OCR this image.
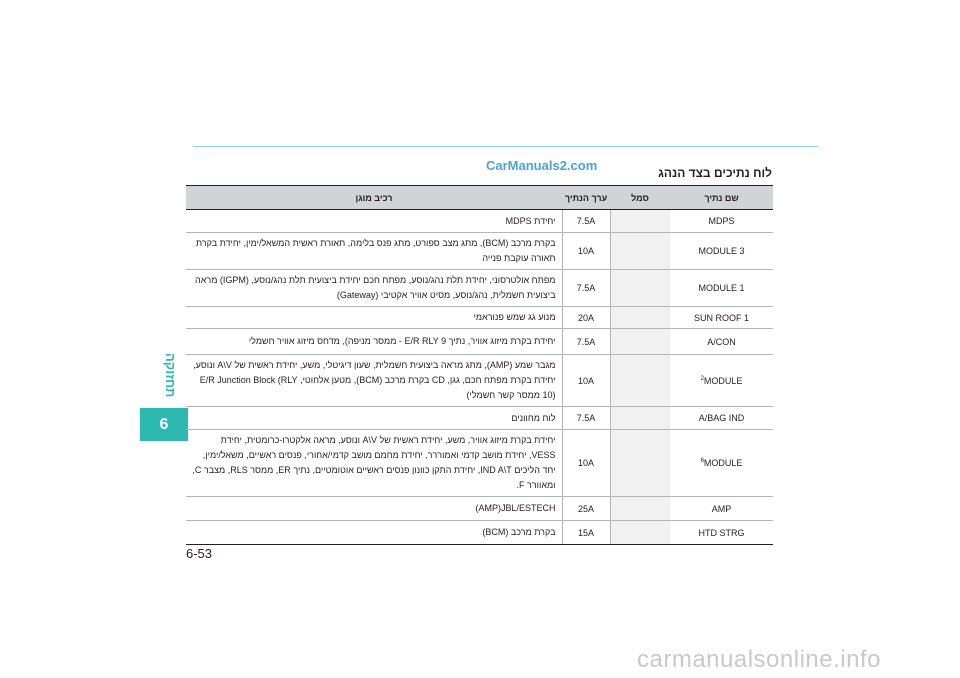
CarManuals2.com	לוח נתיכים בצד הנהג
תחזוקה
6
רכיב מוגן	ערך הנתיך	סמל	שם נתיך
יחידת MDPS	7.5A		MDPS
בקרת מרכב (BCM), מתג מצב ספורט, מתג פנס בלימה, תאורת ראשית המשאל/ימין, יחידת בקרת תאורה עוקבת פנייה	10A		MODULE 3
מפתח אולטרסוני, יחידת תלת נהג/נוסע, מפתח חכם יחידת ביצועית תלת נהג/נוסע, (IGPM) מראה ביצועית חשמלית, נהג/נוסע, מסיט אוויר אקטיבי (Gateway)	7.5A		MODULE 1
מנוע גג שמש פנוראמי	20A		SUN ROOF 1
יחידת בקרת מיזוג אוויר, נתיך E/R RLY 9 - ממסר מניפה), מדחס מיזוג אוויר חשמלי	7.5A		A/CON
מגבר שמע (AMP), מתג מראה ביצועית חשמלית, שעון דיגיטלי, משע, יחידת ראשית של A\V ונוסע, יחידת בקרת מפתח חכם, גגן, CD בקרת מרכב (BCM), מטען אלחוטי, E/R Junction Block (RLY 10) ממסר קשר חשמלי)	10A		$^2$MODULE
לוח מחוונים	7.5A		A/BAG IND
יחידת בקרת מיזוג אוויר, משע, יחידת ראשית של A\V ונוסע, מראה אלקטרו-כרומטית, יחידת VESS, יחידת מושב קדמי ואמוררר, יחידת מחמם מושב קדמי/אחורי, פנסים ראשיים, משאל/ימין, יחד הליכים IND A\T, יחידת התקן כוונון פנסים ראשיים אוטומטיים, נתיך ER, ממסר RLS, מצבר C, ומאוורר F.	10A		$^6$MODULE
AMP)JBL/ESTECH)	25A		AMP
בקרת מרכב (BCM)	15A		HTD STRG
6-53
carmanualsonline.info
